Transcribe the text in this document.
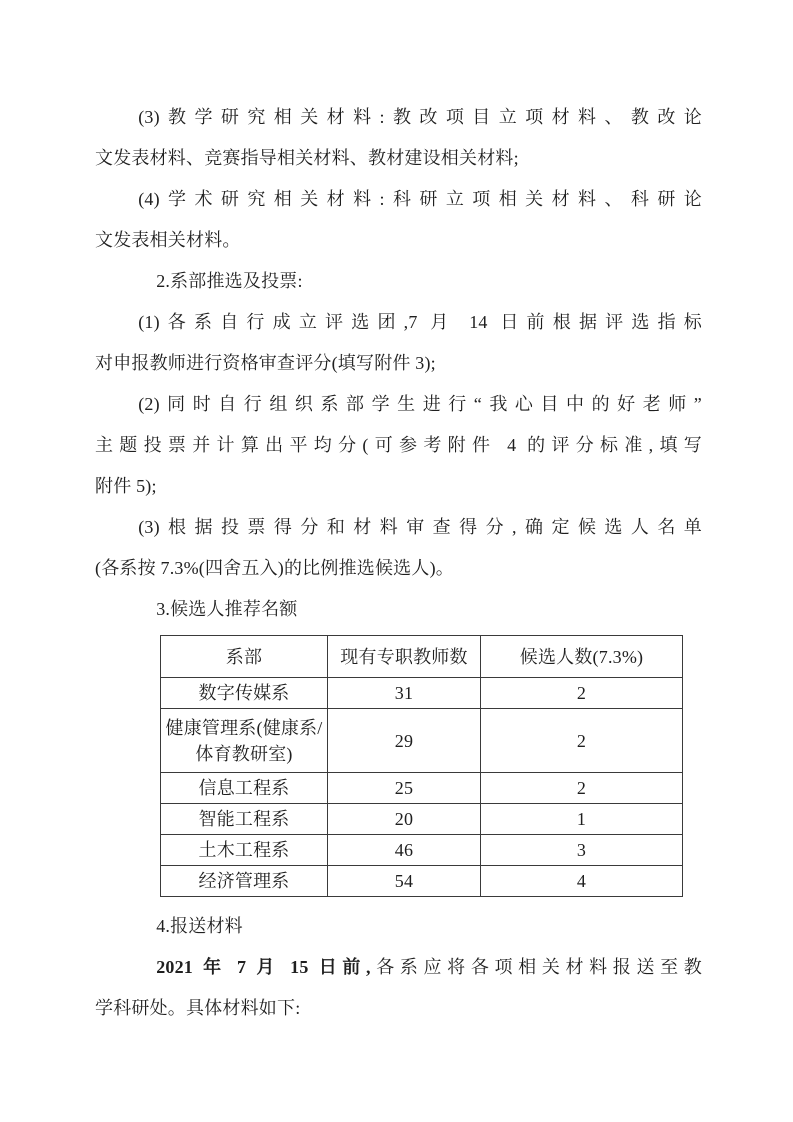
(3)教学研究相关材料:教改项目立项材料、教改论
文发表材料、竞赛指导相关材料、教材建设相关材料;
(4)学术研究相关材料:科研立项相关材料、科研论
文发表相关材料。
2.系部推选及投票:
(1)各系自行成立评选团,7 月 14 日前根据评选指标
对申报教师进行资格审查评分(填写附件 3);
(2)同时自行组织系部学生进行“我心目中的好老师”
主题投票并计算出平均分(可参考附件 4 的评分标准,填写
附件 5);
(3)根据投票得分和材料审查得分,确定候选人名单
(各系按 7.3%(四舍五入)的比例推选候选人)。
3.候选人推荐名额
系部	现有专职教师数	候选人数(7.3%)

数字传媒系	31	2

健康管理系(健康系/
体育教研室)	29	2

信息工程系	25	2

智能工程系	20	1

土木工程系	46	3

经济管理系	54	4
4.报送材料
2021 年 7 月 15 日前,各系应将各项相关材料报送至教
学科研处。具体材料如下:
